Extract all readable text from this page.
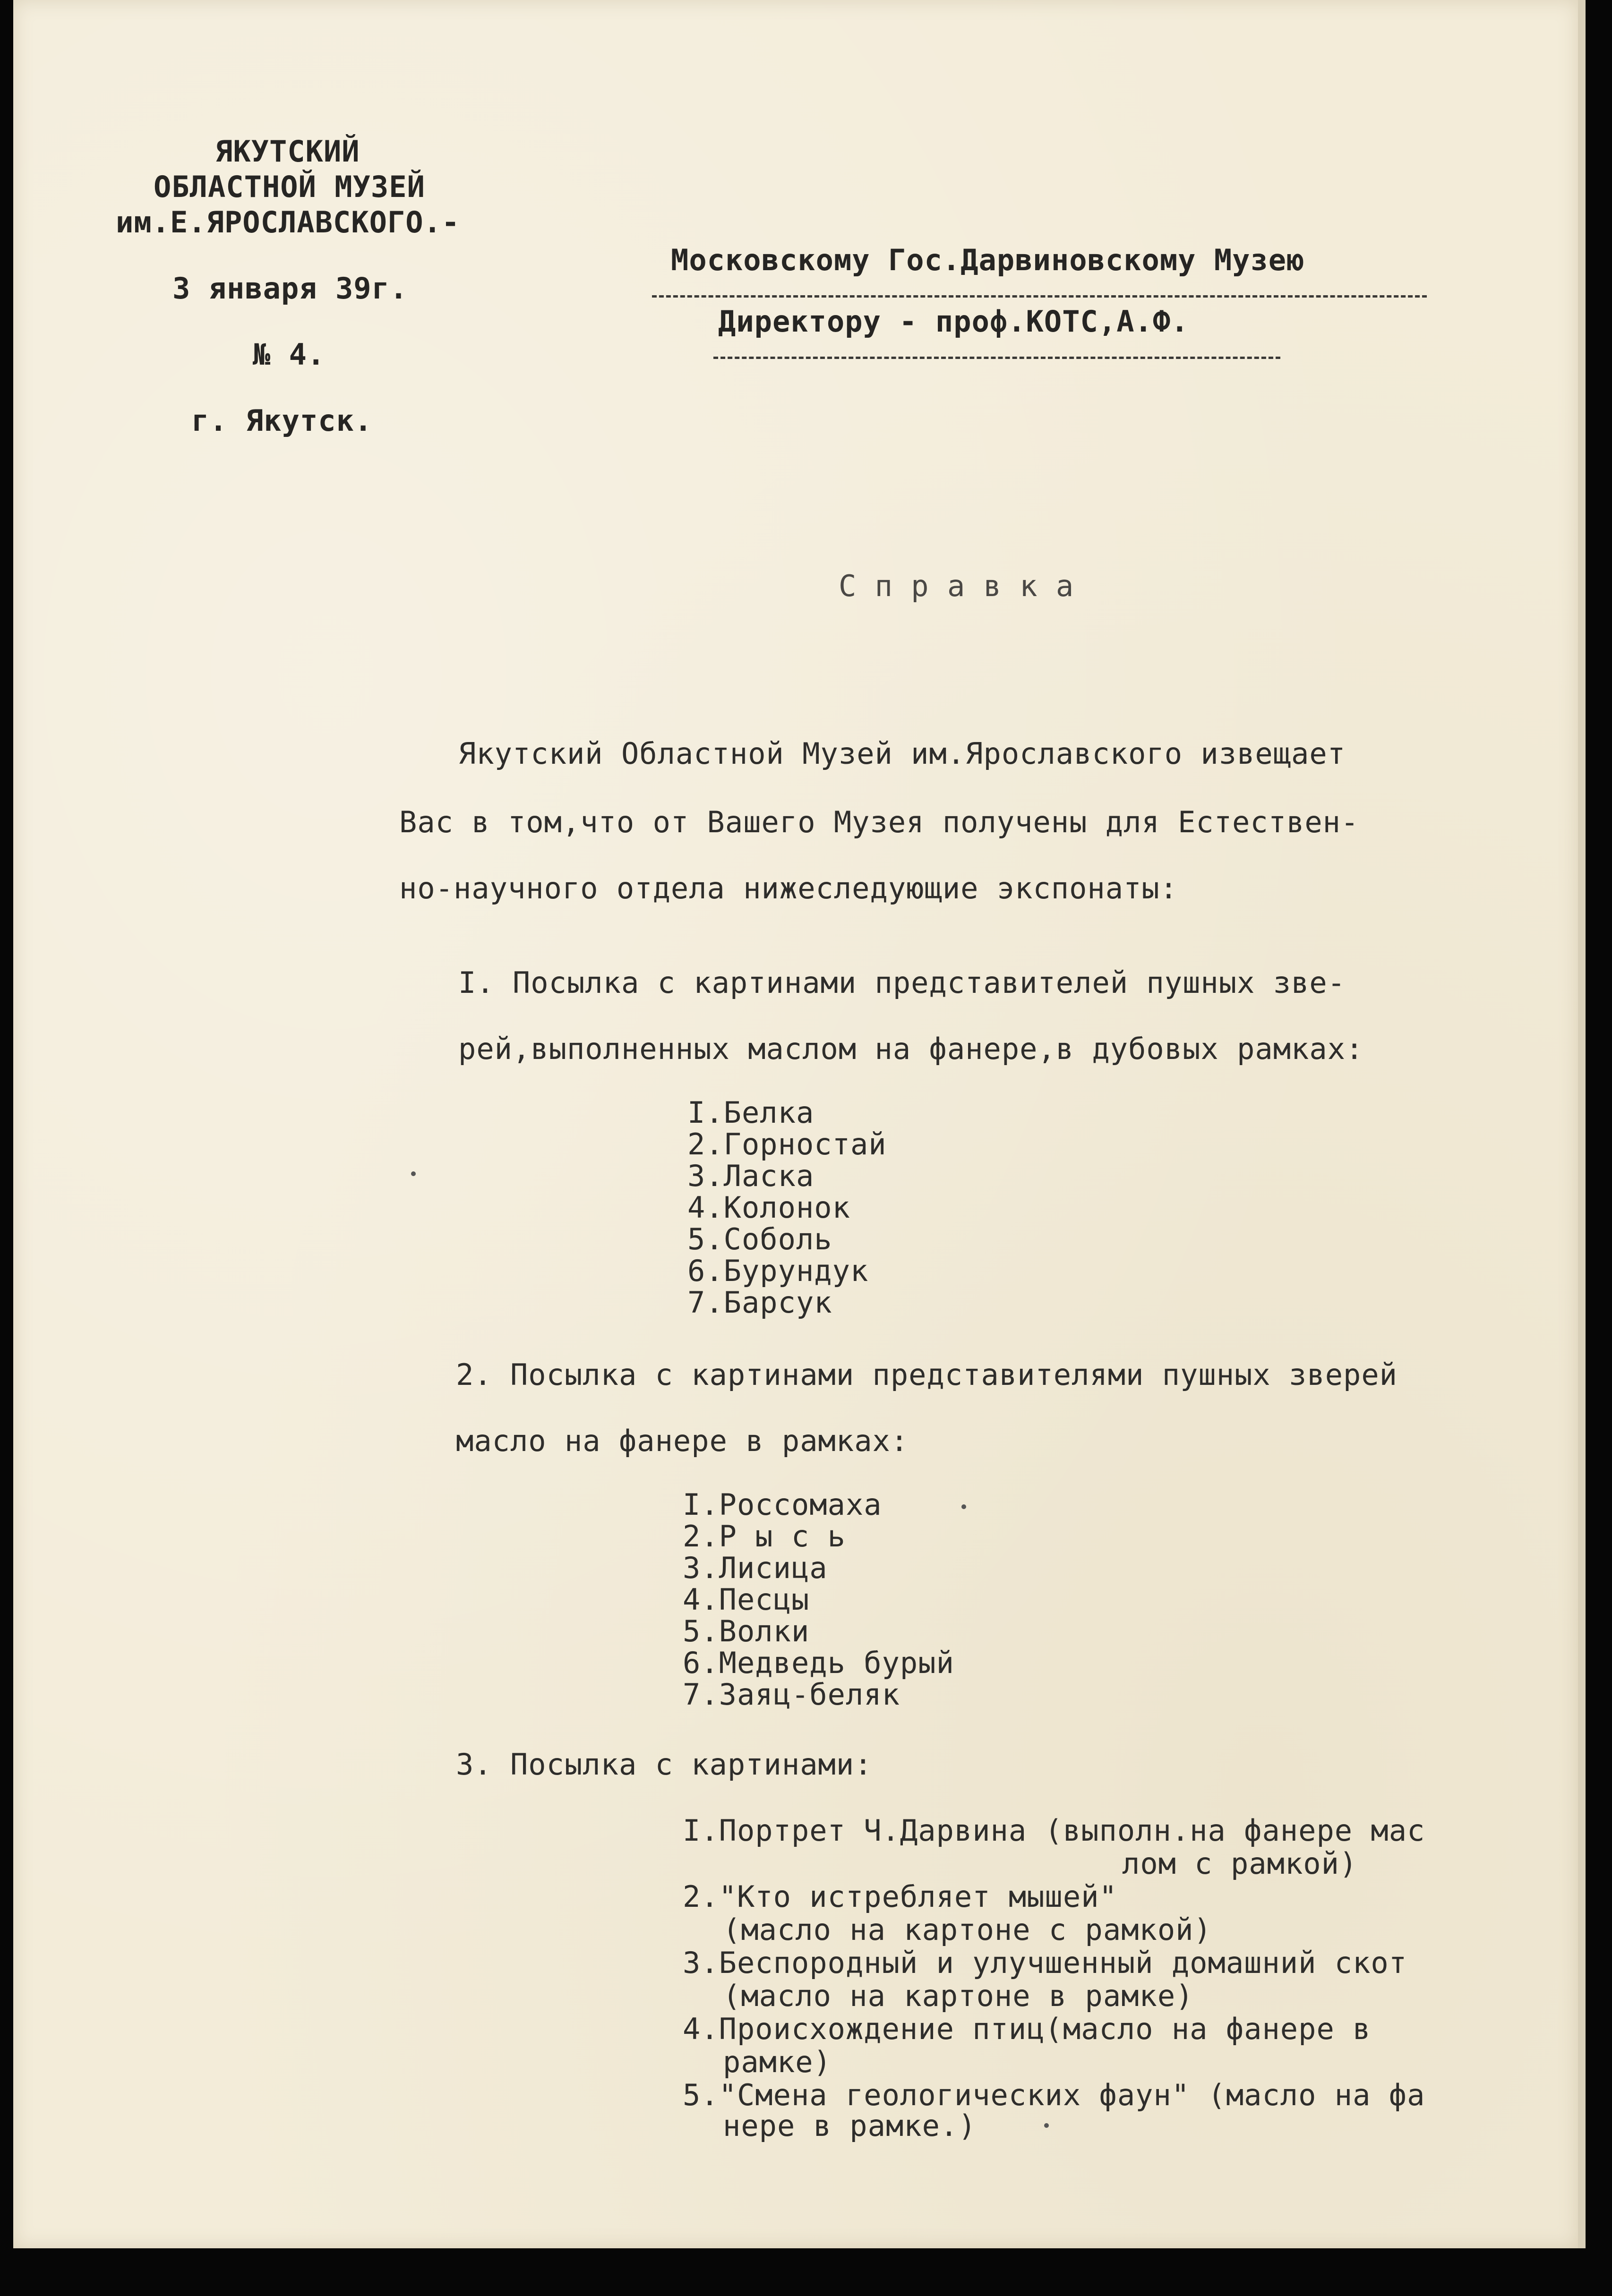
ЯКУТСКИЙ
ОБЛАСТНОЙ МУЗЕЙ
им.Е.ЯРОСЛАВСКОГО.-
3 января 39г.
№ 4.
г. Якутск.
Московскому Гос.Дарвиновскому Музею
Директору - проф.КОТС,А.Ф.
С п р а в к а
Якутский Областной Музей им.Ярославского извещает
Вас в том,что от Вашего Музея получены для Естествен-
но-научного отдела нижеследующие экспонаты:
I. Посылка с картинами представителей пушных зве-
рей,выполненных маслом на фанере,в дубовых рамках:
I.Белка
2.Горностай
3.Ласка
4.Колонок
5.Соболь
6.Бурундук
7.Барсук
2. Посылка с картинами представителями пушных зверей
масло на фанере в рамках:
I.Россомаха
2.Р ы с ь
3.Лисица
4.Песцы
5.Волки
6.Медведь бурый
7.Заяц-беляк
3. Посылка с картинами:
I.Портрет Ч.Дарвина (выполн.на фанере мас
лом с рамкой)
2."Кто истребляет мышей"
(масло на картоне с рамкой)
3.Беспородный и улучшенный домашний скот
(масло на картоне в рамке)
4.Происхождение птиц(масло на фанере в
рамке)
5."Смена геологических фаун" (масло на фа
нере в рамке.)
